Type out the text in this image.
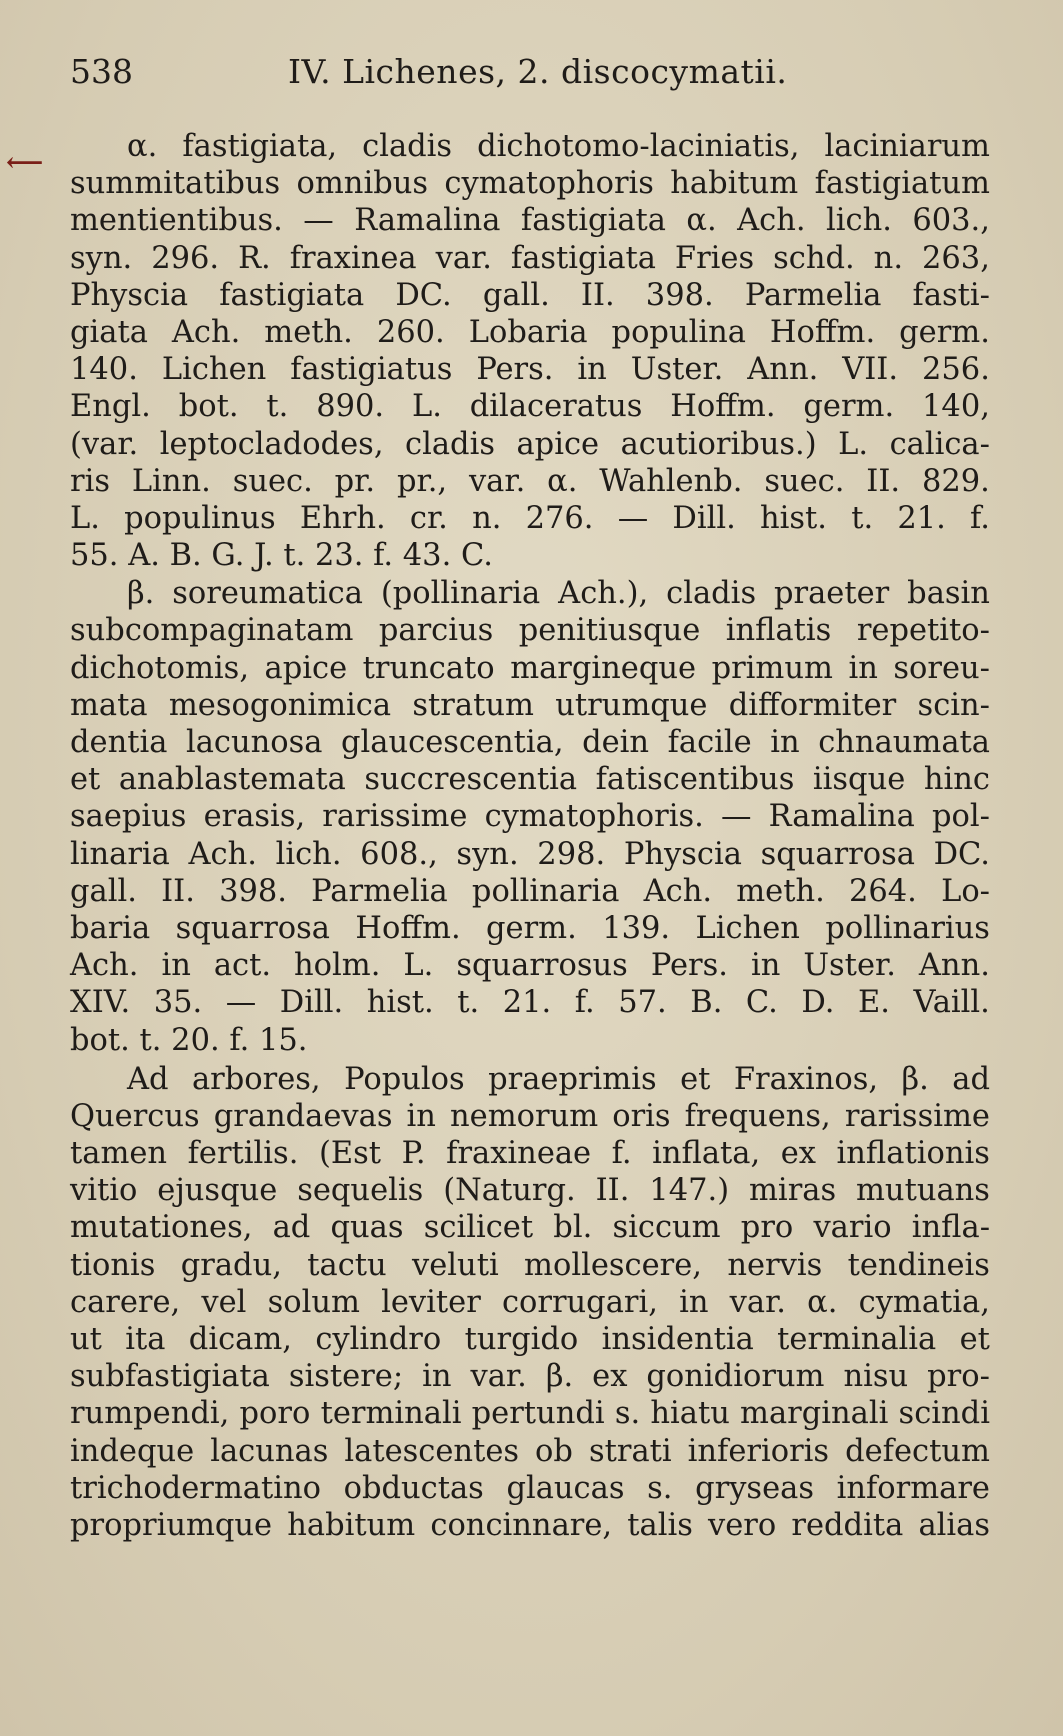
538	IV. Lichenes, 2. discocymatii.
⟵	α. fastigiata, cladis dichotomo-laciniatis, laciniarum
summitatibus omnibus cymatophoris habitum fastigiatum
mentientibus. — Ramalina fastigiata α. Ach. lich. 603.,
syn. 296. R. fraxinea var. fastigiata Fries schd. n. 263,
Physcia fastigiata DC. gall. II. 398. Parmelia fasti-
giata Ach. meth. 260. Lobaria populina Hoffm. germ.
140. Lichen fastigiatus Pers. in Uster. Ann. VII. 256.
Engl. bot. t. 890. L. dilaceratus Hoffm. germ. 140,
(var. leptocladodes, cladis apice acutioribus.) L. calica-
ris Linn. suec. pr. pr., var. α. Wahlenb. suec. II. 829.
L. populinus Ehrh. cr. n. 276. — Dill. hist. t. 21. f.
55. A. B. G. J. t. 23. f. 43. C.
β. soreumatica (pollinaria Ach.), cladis praeter basin
subcompaginatam parcius penitiusque inflatis repetito-
dichotomis, apice truncato margineque primum in soreu-
mata mesogonimica stratum utrumque difformiter scin-
dentia lacunosa glaucescentia, dein facile in chnaumata
et anablastemata succrescentia fatiscentibus iisque hinc
saepius erasis, rarissime cymatophoris. — Ramalina pol-
linaria Ach. lich. 608., syn. 298. Physcia squarrosa DC.
gall. II. 398. Parmelia pollinaria Ach. meth. 264. Lo-
baria squarrosa Hoffm. germ. 139. Lichen pollinarius
Ach. in act. holm. L. squarrosus Pers. in Uster. Ann.
XIV. 35. — Dill. hist. t. 21. f. 57. B. C. D. E. Vaill.
bot. t. 20. f. 15.
Ad arbores, Populos praeprimis et Fraxinos, β. ad
Quercus grandaevas in nemorum oris frequens, rarissime
tamen fertilis. (Est P. fraxineae f. inflata, ex inflationis
vitio ejusque sequelis (Naturg. II. 147.) miras mutuans
mutationes, ad quas scilicet bl. siccum pro vario infla-
tionis gradu, tactu veluti mollescere, nervis tendineis
carere, vel solum leviter corrugari, in var. α. cymatia,
ut ita dicam, cylindro turgido insidentia terminalia et
subfastigiata sistere; in var. β. ex gonidiorum nisu pro-
rumpendi, poro terminali pertundi s. hiatu marginali scindi
indeque lacunas latescentes ob strati inferioris defectum
trichodermatino obductas glaucas s. gryseas informare
propriumque habitum concinnare, talis vero reddita alias
